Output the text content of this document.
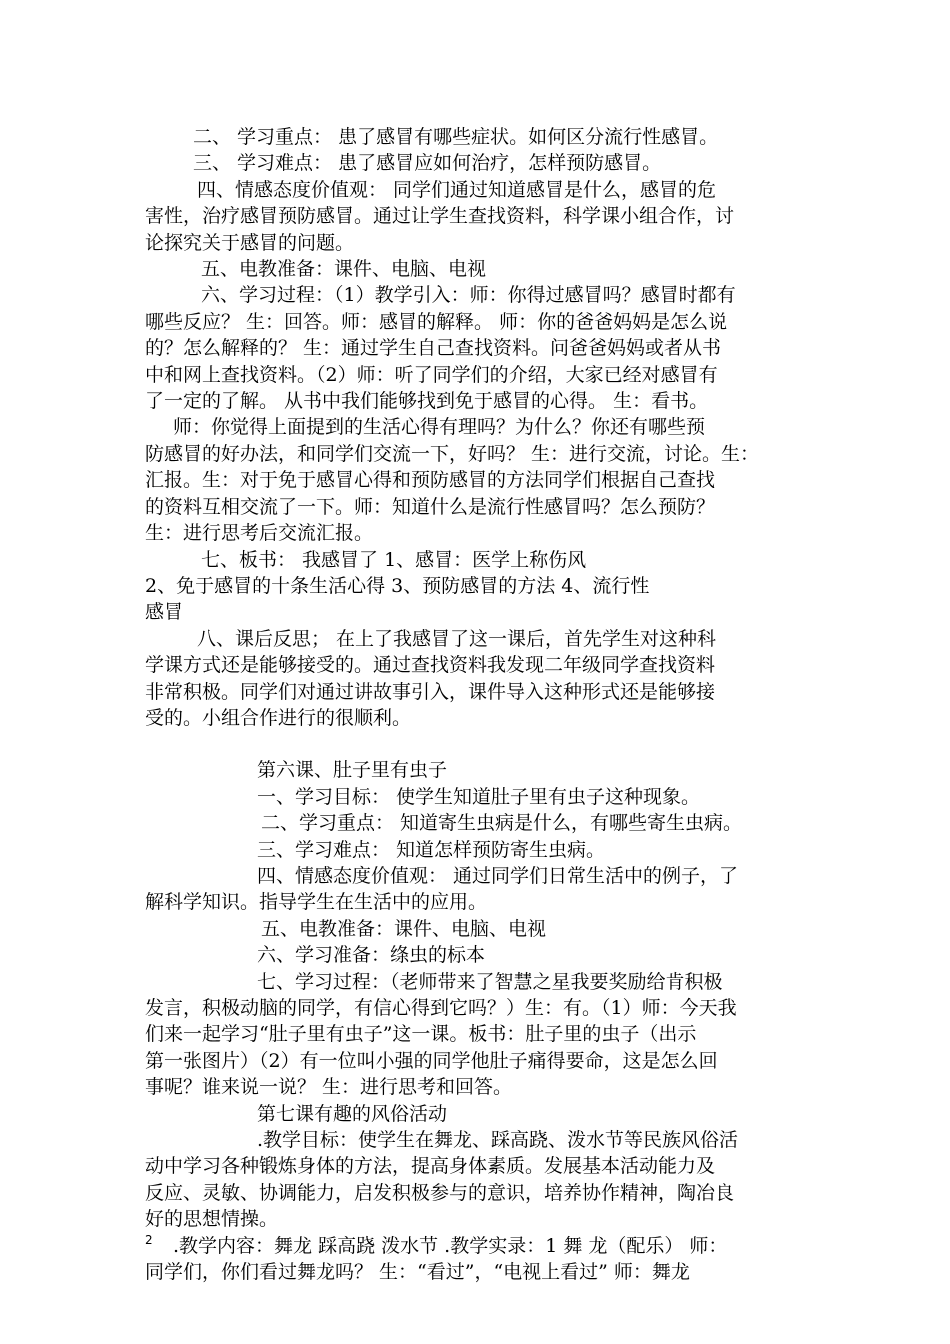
二、 学习重点： 患了感冒有哪些症状。如何区分流行性感冒。
三、 学习难点： 患了感冒应如何治疗，怎样预防感冒。
四、情感态度价值观： 同学们通过知道感冒是什么，感冒的危
害性，治疗感冒预防感冒。通过让学生查找资料，科学课小组合作，讨
论探究关于感冒的问题。
五、电教准备：课件、电脑、电视
六、学习过程：（1）教学引入：师：你得过感冒吗？感冒时都有
哪些反应？ 生：回答。师：感冒的解释。 师：你的爸爸妈妈是怎么说
的？怎么解释的？ 生：通过学生自己查找资料。问爸爸妈妈或者从书
中和网上查找资料。（2）师：听了同学们的介绍，大家已经对感冒有
了一定的了解。 从书中我们能够找到免于感冒的心得。 生：看书。
师：你觉得上面提到的生活心得有理吗？为什么？你还有哪些预
防感冒的好办法，和同学们交流一下，好吗？ 生：进行交流，讨论。生：
汇报。生：对于免于感冒心得和预防感冒的方法同学们根据自己查找
的资料互相交流了一下。师：知道什么是流行性感冒吗？怎么预防？
生：进行思考后交流汇报。
七、板书： 我感冒了 1、感冒：医学上称伤风
2、免于感冒的十条生活心得 3、预防感冒的方法 4、流行性
感冒
八、课后反思； 在上了我感冒了这一课后，首先学生对这种科
学课方式还是能够接受的。通过查找资料我发现二年级同学查找资料
非常积极。同学们对通过讲故事引入，课件导入这种形式还是能够接
受的。小组合作进行的很顺利。
第六课、肚子里有虫子
一、学习目标： 使学生知道肚子里有虫子这种现象。
二、学习重点： 知道寄生虫病是什么，有哪些寄生虫病。
三、学习难点： 知道怎样预防寄生虫病。
四、情感态度价值观： 通过同学们日常生活中的例子，了
解科学知识。指导学生在生活中的应用。
五、电教准备：课件、电脑、电视
六、学习准备：绦虫的标本
七、学习过程：（老师带来了智慧之星我要奖励给肯积极
发言，积极动脑的同学，有信心得到它吗？）生：有。（1）师：今天我
们来一起学习“肚子里有虫子”这一课。板书：肚子里的虫子（出示
第一张图片）（2）有一位叫小强的同学他肚子痛得要命，这是怎么回
事呢？谁来说一说？ 生：进行思考和回答。
第七课有趣的风俗活动
.教学目标：使学生在舞龙、踩高跷、泼水节等民族风俗活
动中学习各种锻炼身体的方法，提高身体素质。发展基本活动能力及
反应、灵敏、协调能力，启发积极参与的意识，培养协作精神，陶冶良
好的思想情操。
.教学内容：舞龙 踩高跷 泼水节 .教学实录：1 舞 龙（配乐） 师：
同学们，你们看过舞龙吗？ 生：“看过”，“电视上看过” 师：舞龙
2
